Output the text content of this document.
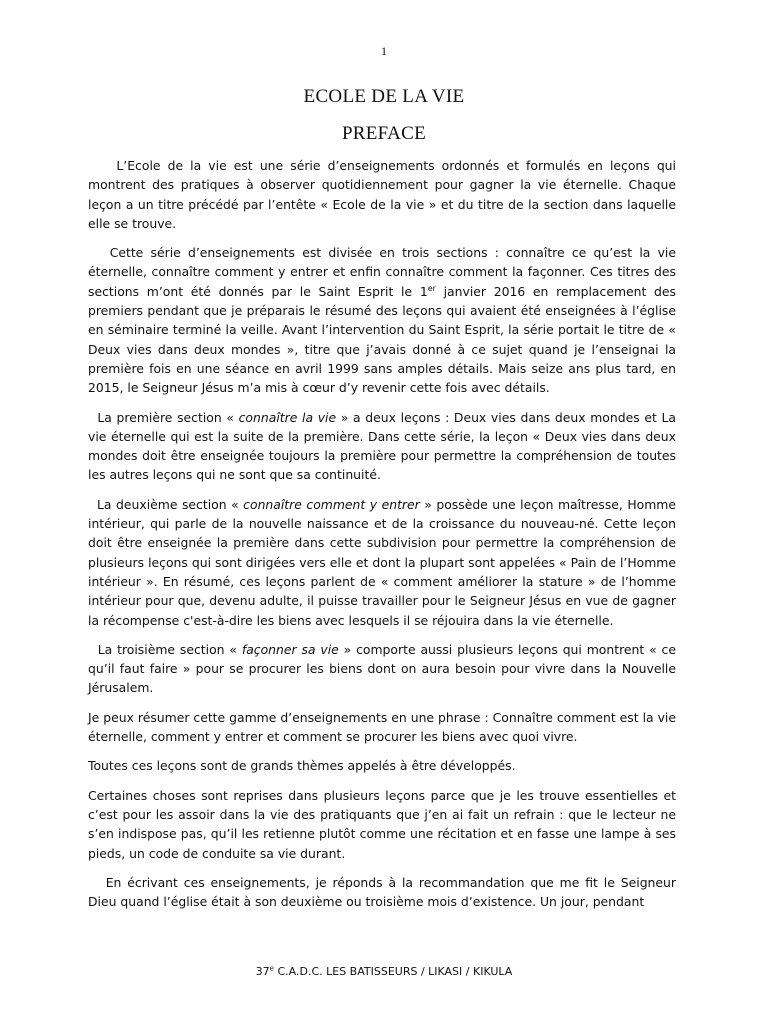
1
ECOLE DE LA VIE
PREFACE

L’Ecole de la vie est une série d’enseignements ordonnés et formulés en leçons qui montrent des pratiques à observer quotidiennement pour gagner la vie éternelle. Chaque leçon a un titre précédé par l’entête « Ecole de la vie » et du titre de la section dans laquelle elle se trouve.

Cette série d’enseignements est divisée en trois sections : connaître ce qu’est la vie éternelle, connaître comment y entrer et enfin connaître comment la façonner. Ces titres des sections m’ont été donnés par le Saint Esprit le 1er janvier 2016 en remplacement des premiers pendant que je préparais le résumé des leçons qui avaient été enseignées à l’église en séminaire terminé la veille. Avant l’intervention du Saint Esprit, la série portait le titre de « Deux vies dans deux mondes », titre que j’avais donné à ce sujet quand je l’enseignai la première fois en une séance en avril 1999 sans amples détails. Mais seize ans plus tard, en 2015, le Seigneur Jésus m’a mis à cœur d’y revenir cette fois avec détails.

La première section « connaître la vie » a deux leçons : Deux vies dans deux mondes et La vie éternelle qui est la suite de la première. Dans cette série, la leçon « Deux vies dans deux mondes doit être enseignée toujours la première pour permettre la compréhension de toutes les autres leçons qui ne sont que sa continuité.

La deuxième section « connaître comment y entrer » possède une leçon maîtresse, Homme intérieur, qui parle de la nouvelle naissance et de la croissance du nouveau-né. Cette leçon doit être enseignée la première dans cette subdivision pour permettre la compréhension de plusieurs leçons qui sont dirigées vers elle et dont la plupart sont appelées « Pain de l’Homme intérieur ». En résumé, ces leçons parlent de « comment améliorer la stature » de l’homme intérieur pour que, devenu adulte, il puisse travailler pour le Seigneur Jésus en vue de gagner la récompense c'est-à-dire les biens avec lesquels il se réjouira dans la vie éternelle.

La troisième section « façonner sa vie » comporte aussi plusieurs leçons qui montrent « ce qu’il faut faire » pour se procurer les biens dont on aura besoin pour vivre dans la Nouvelle Jérusalem.

Je peux résumer cette gamme d’enseignements en une phrase : Connaître comment est la vie éternelle, comment y entrer et comment se procurer les biens avec quoi vivre.

Toutes ces leçons sont de grands thèmes appelés à être développés.

Certaines choses sont reprises dans plusieurs leçons parce que je les trouve essentielles et c’est pour les assoir dans la vie des pratiquants que j’en ai fait un refrain : que le lecteur ne s’en indispose pas, qu’il les retienne plutôt comme une récitation et en fasse une lampe à ses pieds, un code de conduite sa vie durant.

En écrivant ces enseignements, je réponds à la recommandation que me fit le Seigneur Dieu quand l’église était à son deuxième ou troisième mois d’existence. Un jour, pendant

37e C.A.D.C. LES BATISSEURS / LIKASI / KIKULA
